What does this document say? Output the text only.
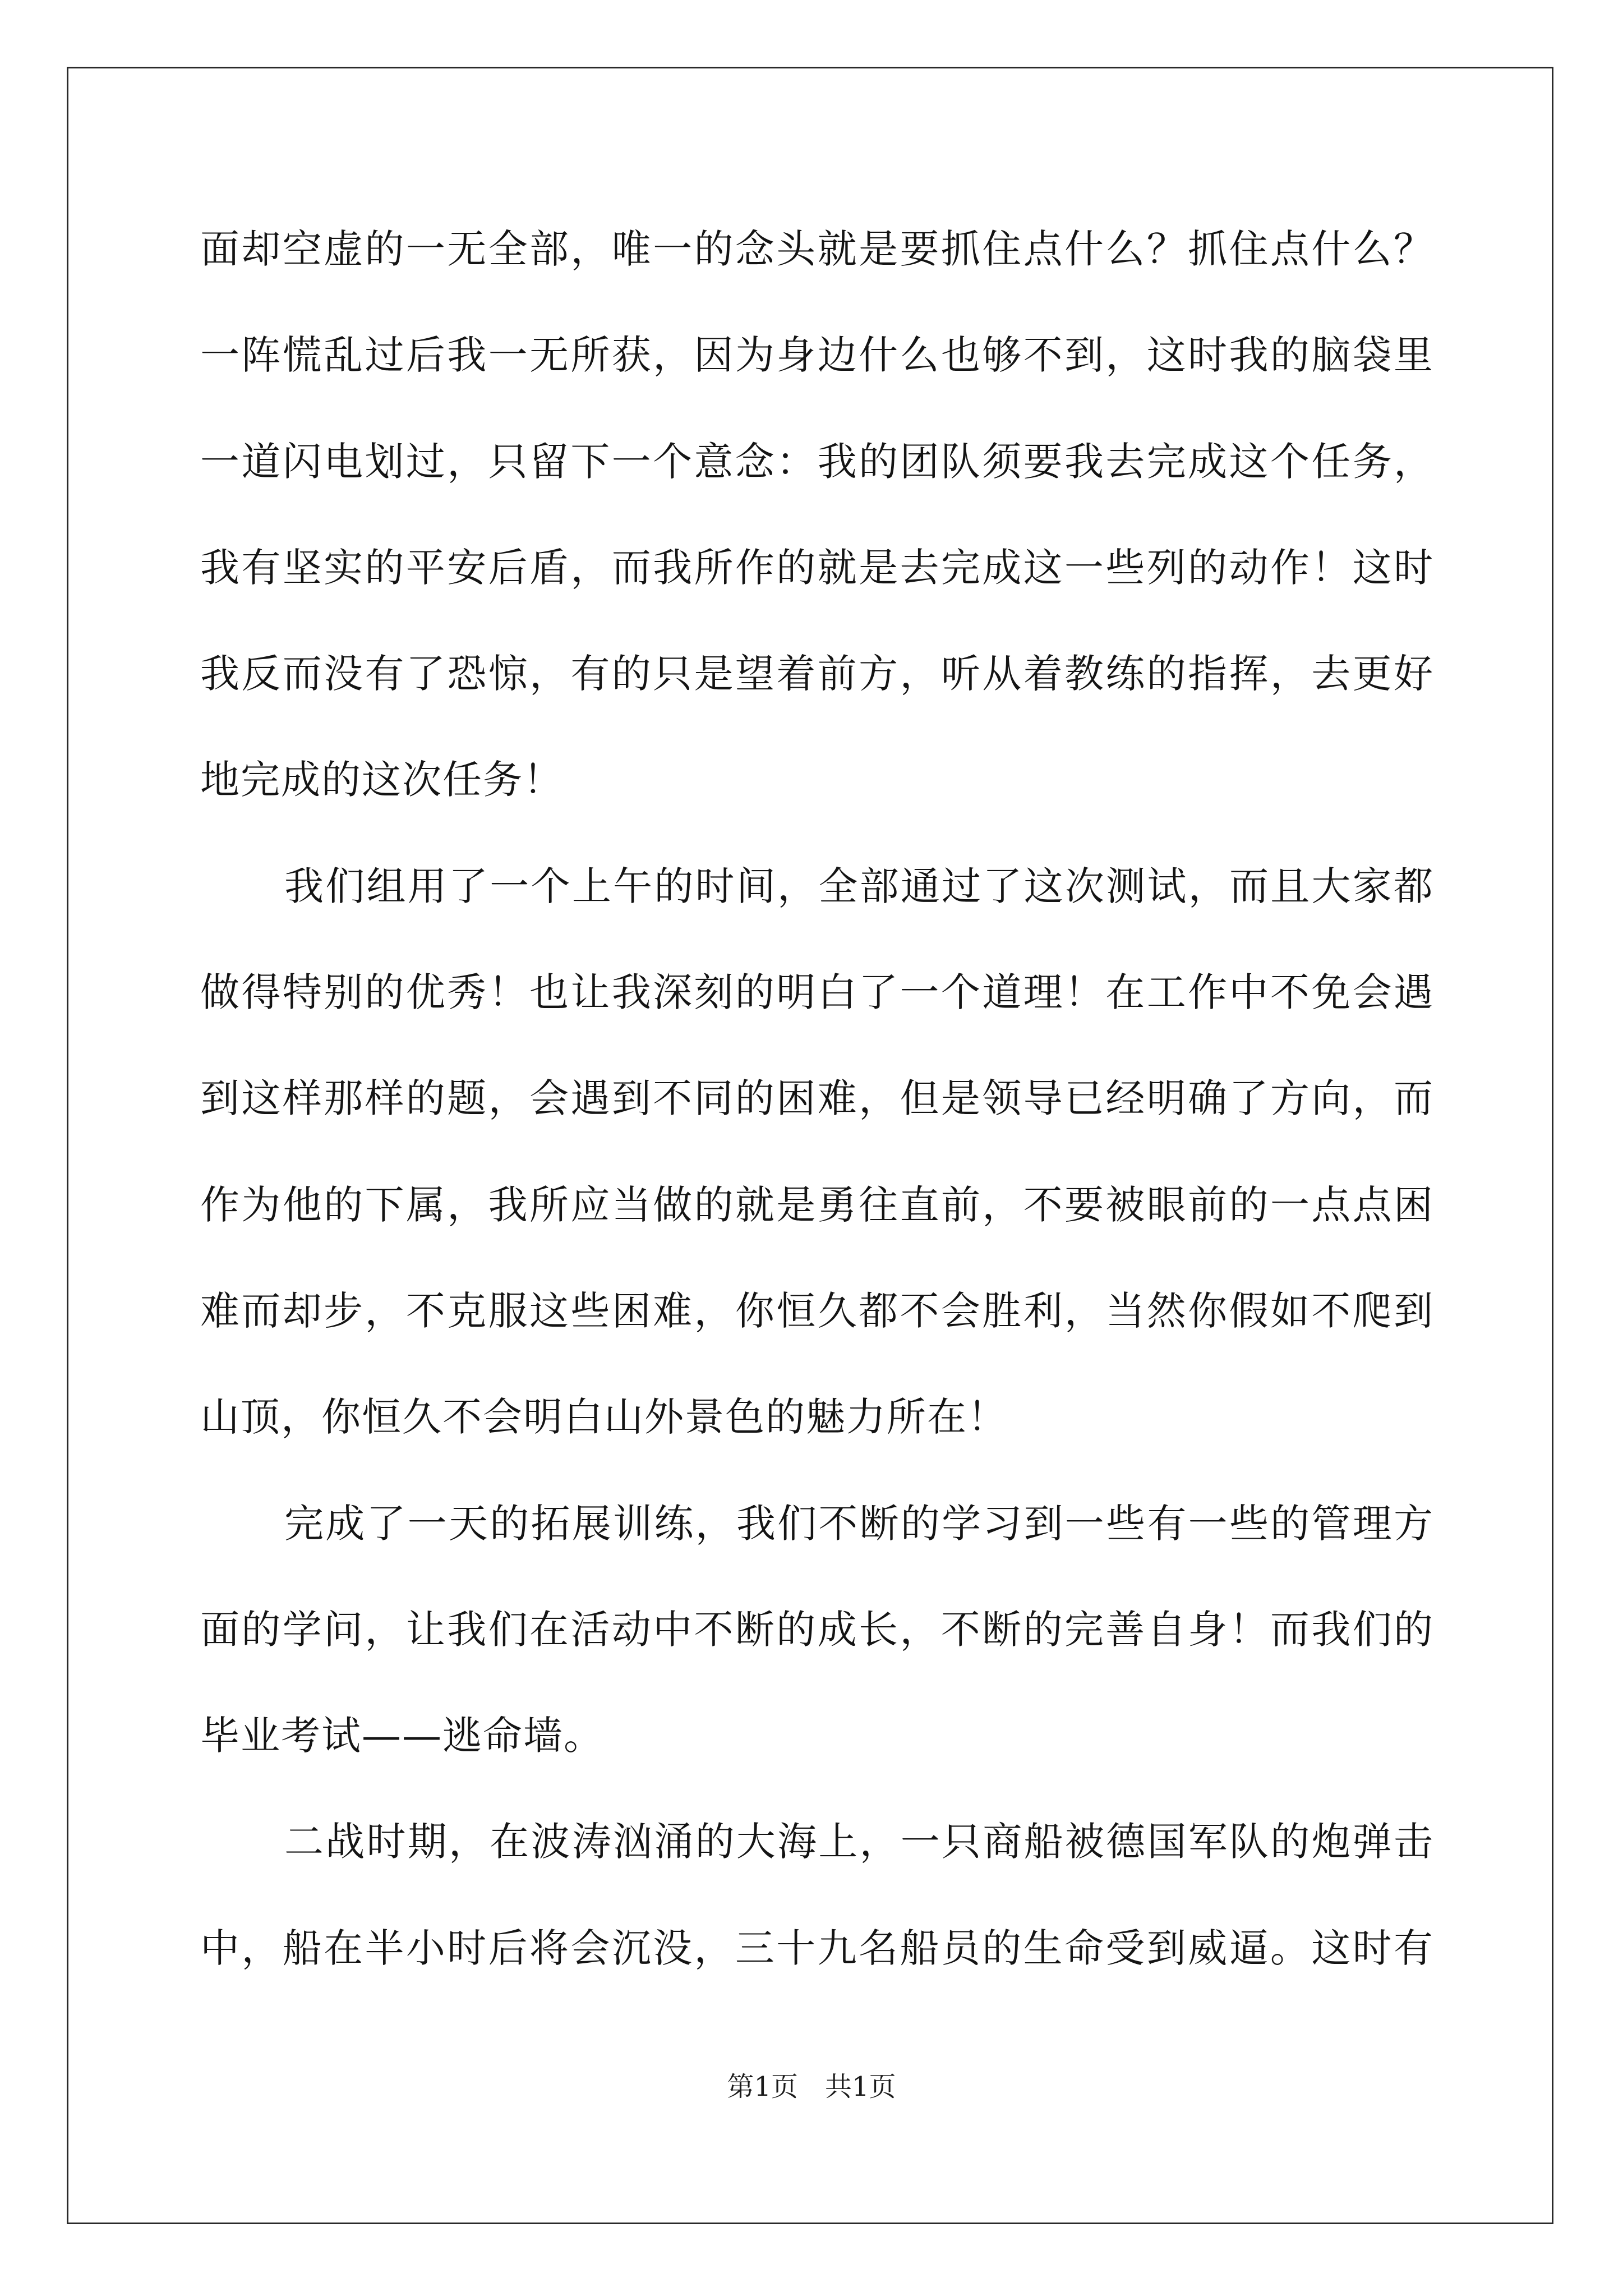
面却空虚的一无全部，唯一的念头就是要抓住点什么？抓住点什么？
一阵慌乱过后我一无所获，因为身边什么也够不到，这时我的脑袋里
一道闪电划过，只留下一个意念：我的团队须要我去完成这个任务，
我有坚实的平安后盾，而我所作的就是去完成这一些列的动作！这时
我反而没有了恐惊，有的只是望着前方，听从着教练的指挥，去更好
地完成的这次任务！
我们组用了一个上午的时间，全部通过了这次测试，而且大家都
做得特别的优秀！也让我深刻的明白了一个道理！在工作中不免会遇
到这样那样的题，会遇到不同的困难，但是领导已经明确了方向，而
作为他的下属，我所应当做的就是勇往直前，不要被眼前的一点点困
难而却步，不克服这些困难，你恒久都不会胜利，当然你假如不爬到
山顶，你恒久不会明白山外景色的魅力所在！
完成了一天的拓展训练，我们不断的学习到一些有一些的管理方
面的学问，让我们在活动中不断的成长，不断的完善自身！而我们的
毕业考试——逃命墙。
二战时期，在波涛汹涌的大海上，一只商船被德国军队的炮弹击
中，船在半小时后将会沉没，三十九名船员的生命受到威逼。这时有
第1页　共1页
